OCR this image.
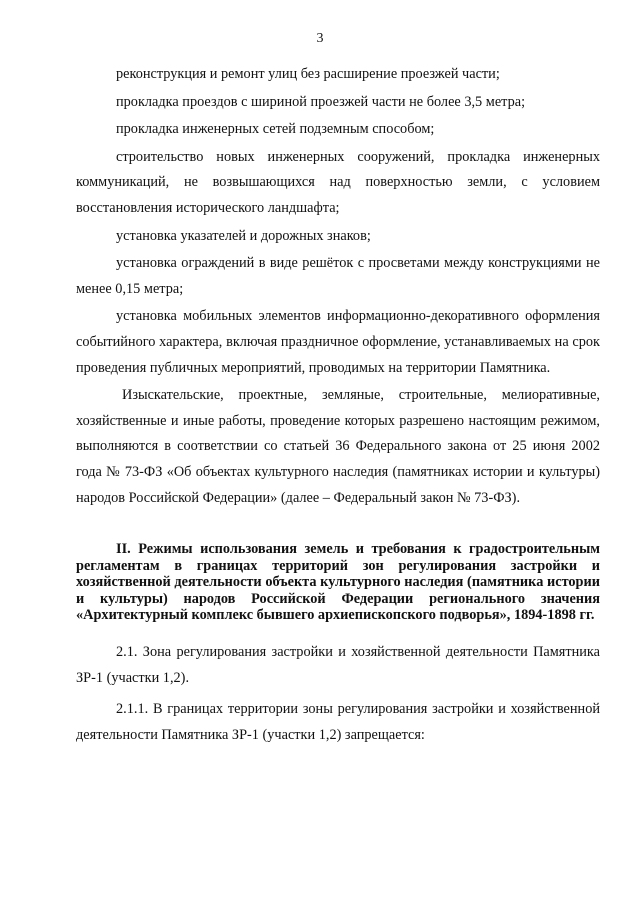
3

реконструкция и ремонт улиц без расширение проезжей части;

прокладка проездов с шириной проезжей части не более 3,5 метра;

прокладка инженерных сетей подземным способом;

строительство новых инженерных сооружений, прокладка инженерных коммуникаций, не возвышающихся над поверхностью земли, с условием восстановления исторического ландшафта;

установка указателей и дорожных знаков;

установка ограждений в виде решёток с просветами между конструкциями не менее 0,15 метра;

установка мобильных элементов информационно-декоративного оформления событийного характера, включая праздничное оформление, устанавливаемых на срок проведения публичных мероприятий, проводимых на территории Памятника.

Изыскательские, проектные, земляные, строительные, мелиоративные, хозяйственные и иные работы, проведение которых разрешено настоящим режимом, выполняются в соответствии со статьей 36 Федерального закона от 25 июня 2002 года № 73-ФЗ «Об объектах культурного наследия (памятниках истории и культуры) народов Российской Федерации» (далее – Федеральный закон № 73-ФЗ).

II. Режимы использования земель и требования к градостроительным регламентам в границах территорий зон регулирования застройки и хозяйственной деятельности объекта культурного наследия (памятника истории и культуры) народов Российской Федерации регионального значения «Архитектурный комплекс бывшего архиепископского подворья», 1894-1898 гг.

2.1. Зона регулирования застройки и хозяйственной деятельности Памятника ЗР-1 (участки 1,2).

2.1.1. В границах территории зоны регулирования застройки и хозяйственной деятельности Памятника ЗР-1 (участки 1,2) запрещается:
